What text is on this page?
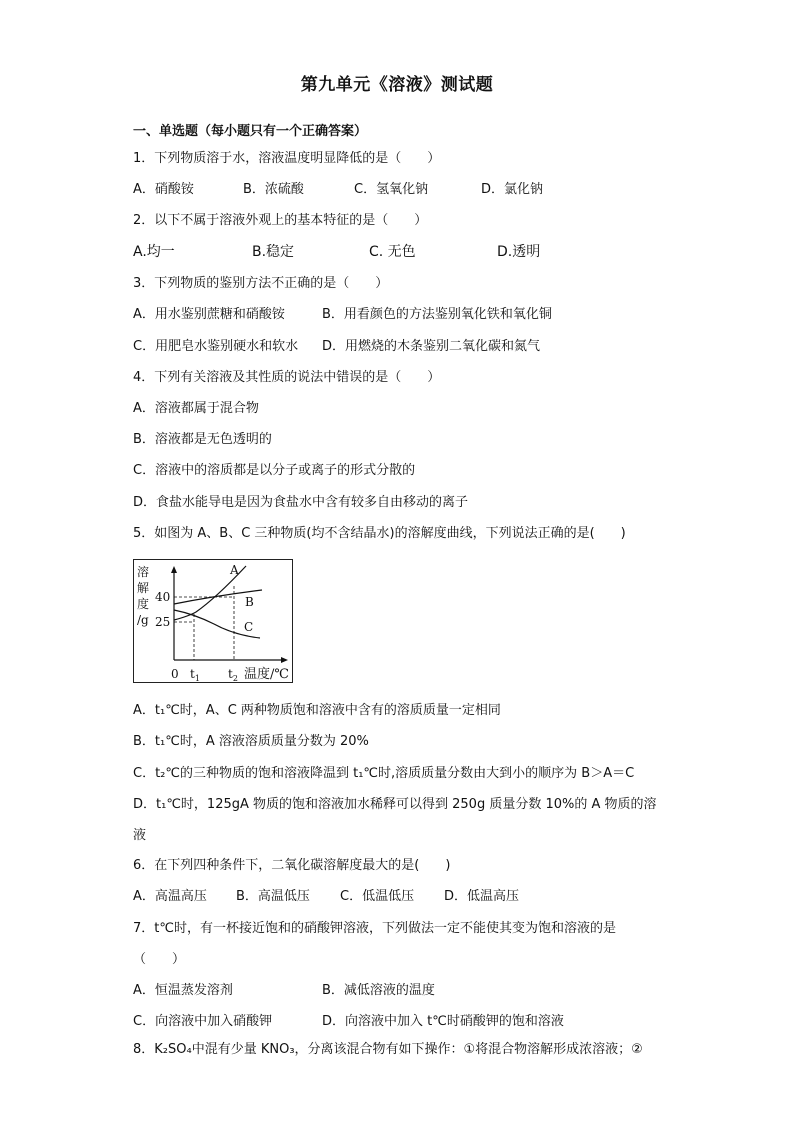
第九单元《溶液》测试题
一、单选题（每小题只有一个正确答案）
1．下列物质溶于水，溶液温度明显降低的是（　　）
A．硝酸铵	B．浓硫酸	C．氢氧化钠	D．氯化钠
2．以下不属于溶液外观上的基本特征的是（　　）
A.均一	B.稳定	C. 无色	D.透明
3．下列物质的鉴别方法不正确的是（　　）
A．用水鉴别蔗糖和硝酸铵	B．用看颜色的方法鉴别氧化铁和氧化铜
C．用肥皂水鉴别硬水和软水 D．用燃烧的木条鉴别二氧化碳和氮气
4．下列有关溶液及其性质的说法中错误的是（　　）
A．溶液都属于混合物
B．溶液都是无色透明的
C．溶液中的溶质都是以分子或离子的形式分散的
D．食盐水能导电是因为食盐水中含有较多自由移动的离子
5．如图为 A、B、C 三种物质(均不含结晶水)的溶解度曲线，下列说法正确的是(　　)
溶
解
度
/g
40
25
A
B
C
0 $t_1$ $t_2$ 温度/℃
A．t₁℃时，A、C 两种物质饱和溶液中含有的溶质质量一定相同
B．t₁℃时，A 溶液溶质质量分数为 20%
C．t₂℃的三种物质的饱和溶液降温到 t₁℃时,溶质质量分数由大到小的顺序为 B＞A＝C
D．t₁℃时，125gA 物质的饱和溶液加水稀释可以得到 250g 质量分数 10%的 A 物质的溶
液
6．在下列四种条件下，二氧化碳溶解度最大的是(　　)
A．高温高压 B．高温低压 C．低温低压 D．低温高压
7．t℃时，有一杯接近饱和的硝酸钾溶液，下列做法一定不能使其变为饱和溶液的是
（　　）
A．恒温蒸发溶剂	B．减低溶液的温度
C．向溶液中加入硝酸钾	D．向溶液中加入 t℃时硝酸钾的饱和溶液
8．K₂SO₄中混有少量 KNO₃，分离该混合物有如下操作：①将混合物溶解形成浓溶液；②
